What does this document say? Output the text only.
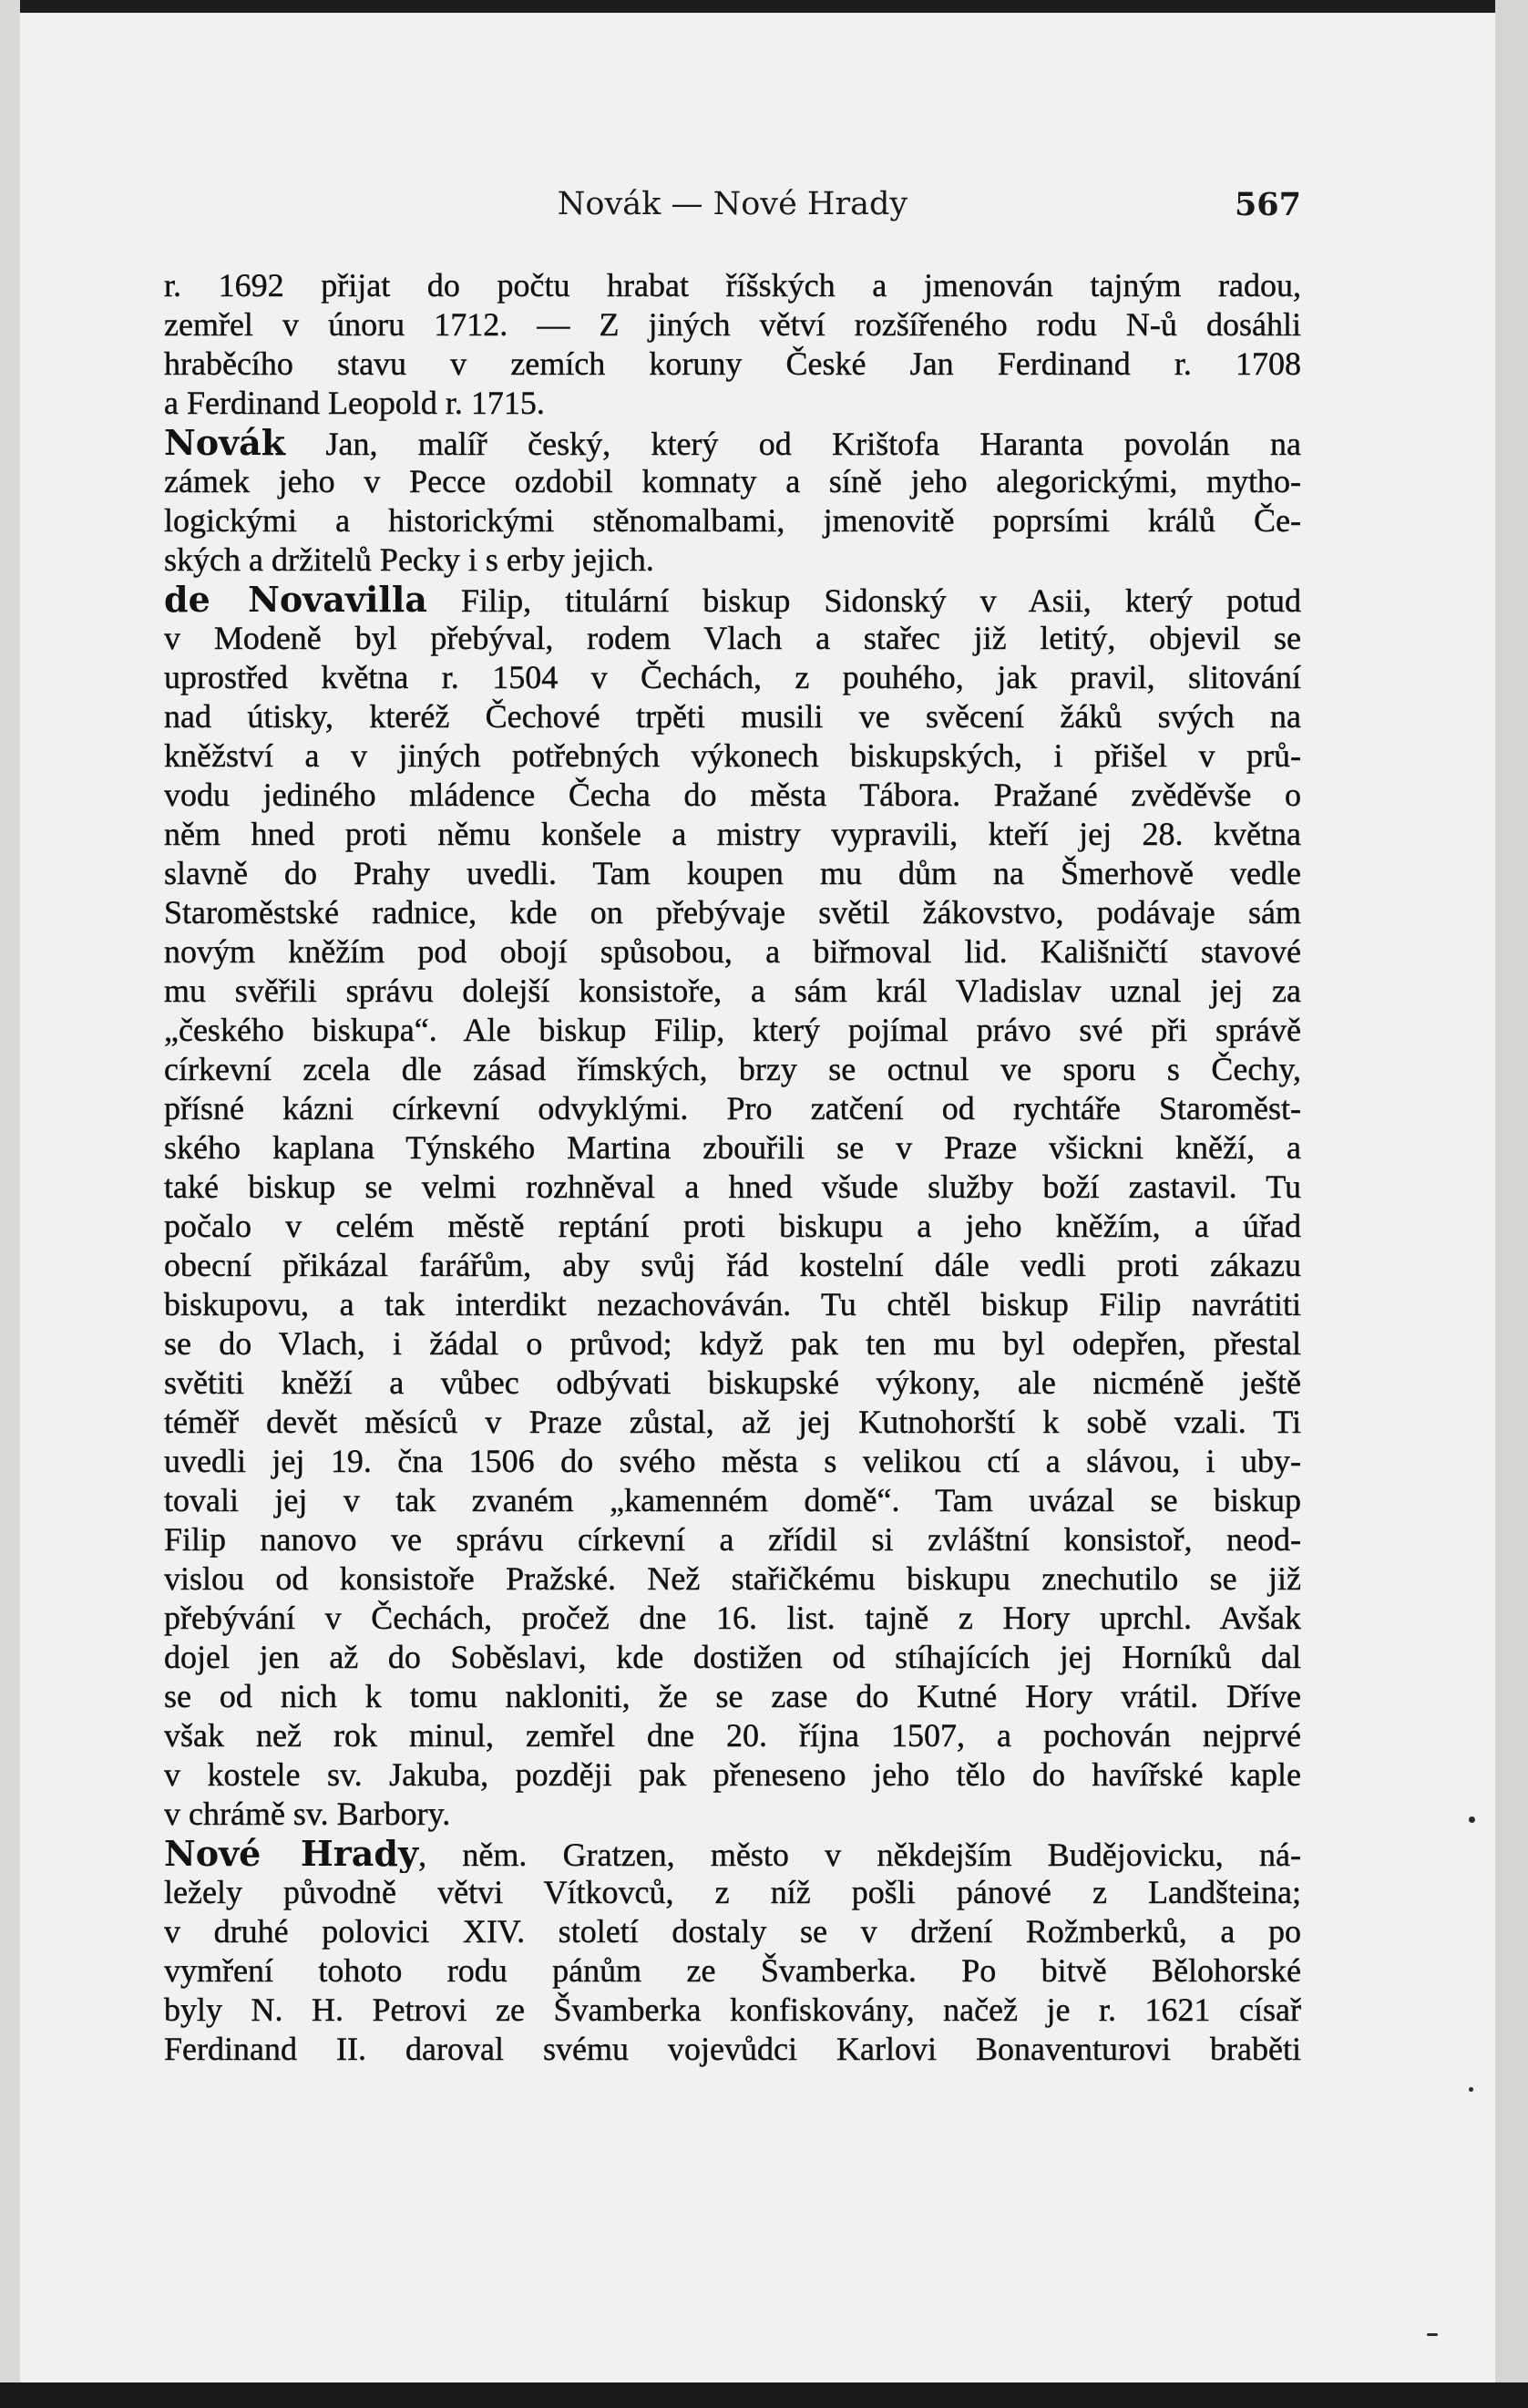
Novák — Nové Hrady	567
r. 1692 přijat do počtu hrabat říšských a jmenován tajným radou,
zemřel v únoru 1712. — Z jiných větví rozšířeného rodu N-ů dosáhli
hraběcího stavu v zemích koruny České Jan Ferdinand r. 1708
a Ferdinand Leopold r. 1715.
Novák Jan, malíř český, který od Krištofa Haranta povolán na
zámek jeho v Pecce ozdobil komnaty a síně jeho alegorickými, mytho-
logickými a historickými stěnomalbami, jmenovitě poprsími králů Če-
ských a držitelů Pecky i s erby jejich.
de Novavilla Filip, titulární biskup Sidonský v Asii, který potud
v Modeně byl přebýval, rodem Vlach a stařec již letitý, objevil se
uprostřed května r. 1504 v Čechách, z pouhého, jak pravil, slitování
nad útisky, kteréž Čechové trpěti musili ve svěcení žáků svých na
kněžství a v jiných potřebných výkonech biskupských, i přišel v prů-
vodu jediného mládence Čecha do města Tábora. Pražané zvěděvše o
něm hned proti němu konšele a mistry vypravili, kteří jej 28. května
slavně do Prahy uvedli. Tam koupen mu dům na Šmerhově vedle
Staroměstské radnice, kde on přebývaje světil žákovstvo, podávaje sám
novým kněžím pod obojí spůsobou, a biřmoval lid. Kališničtí stavové
mu svěřili správu dolejší konsistoře, a sám král Vladislav uznal jej za
„českého biskupa“. Ale biskup Filip, který pojímal právo své při správě
církevní zcela dle zásad římských, brzy se octnul ve sporu s Čechy,
přísné kázni církevní odvyklými. Pro zatčení od rychtáře Staroměst-
ského kaplana Týnského Martina zbouřili se v Praze všickni kněží, a
také biskup se velmi rozhněval a hned všude služby boží zastavil. Tu
počalo v celém městě reptání proti biskupu a jeho kněžím, a úřad
obecní přikázal farářům, aby svůj řád kostelní dále vedli proti zákazu
biskupovu, a tak interdikt nezachováván. Tu chtěl biskup Filip navrátiti
se do Vlach, i žádal o průvod; když pak ten mu byl odepřen, přestal
světiti kněží a vůbec odbývati biskupské výkony, ale nicméně ještě
téměř devět měsíců v Praze zůstal, až jej Kutnohorští k sobě vzali. Ti
uvedli jej 19. čna 1506 do svého města s velikou ctí a slávou, i uby-
tovali jej v tak zvaném „kamenném domě“. Tam uvázal se biskup
Filip nanovo ve správu církevní a zřídil si zvláštní konsistoř, neod-
vislou od konsistoře Pražské. Než stařičkému biskupu znechutilo se již
přebývání v Čechách, pročež dne 16. list. tajně z Hory uprchl. Avšak
dojel jen až do Soběslavi, kde dostižen od stíhajících jej Horníků dal
se od nich k tomu nakloniti, že se zase do Kutné Hory vrátil. Dříve
však než rok minul, zemřel dne 20. října 1507, a pochován nejprvé
v kostele sv. Jakuba, později pak přeneseno jeho tělo do havířské kaple
v chrámě sv. Barbory.
Nové Hrady, něm. Gratzen, město v někdejším Budějovicku, ná-
ležely původně větvi Vítkovců, z níž pošli pánové z Landšteina;
v druhé polovici XIV. století dostaly se v držení Rožmberků, a po
vymření tohoto rodu pánům ze Švamberka. Po bitvě Bělohorské
byly N. H. Petrovi ze Švamberka konfiskovány, načež je r. 1621 císař
Ferdinand II. daroval svému vojevůdci Karlovi Bonaventurovi braběti
